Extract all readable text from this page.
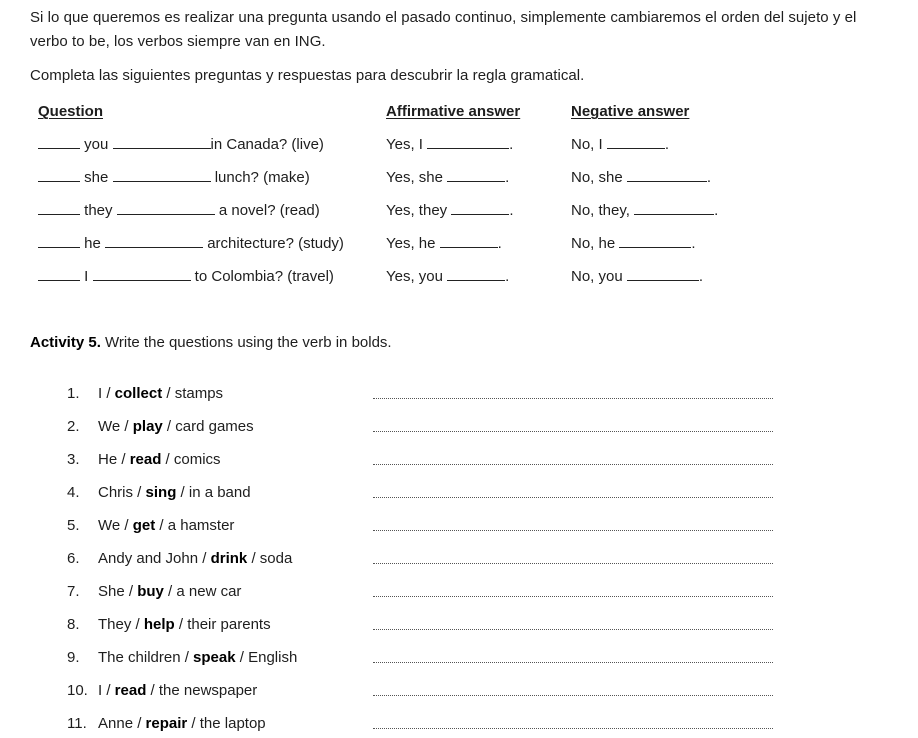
Si lo que queremos es realizar una pregunta usando el pasado continuo, simplemente cambiaremos el orden del sujeto y el verbo to be, los verbos siempre van en ING.

Completa las siguientes preguntas y respuestas para descubrir la regla gramatical.

Question	Affirmative answer	Negative answer
you	in Canada? (live)	Yes, I	.	No, I	.
she	lunch? (make)	Yes, she	.	No, she	.
they	a novel? (read)	Yes, they	.	No, they,	.
he	architecture? (study)	Yes, he	.	No, he	.
I	to Colombia? (travel)	Yes, you	.	No, you	.
Activity 5. Write the questions using the verb in bolds.
1. I / collect / stamps
2. We / play / card games
3. He / read / comics
4. Chris / sing / in a band
5. We / get / a hamster
6. Andy and John / drink / soda
7. She / buy / a new car
8. They / help / their parents
9. The children / speak / English
10. I / read / the newspaper
11. Anne / repair / the laptop
